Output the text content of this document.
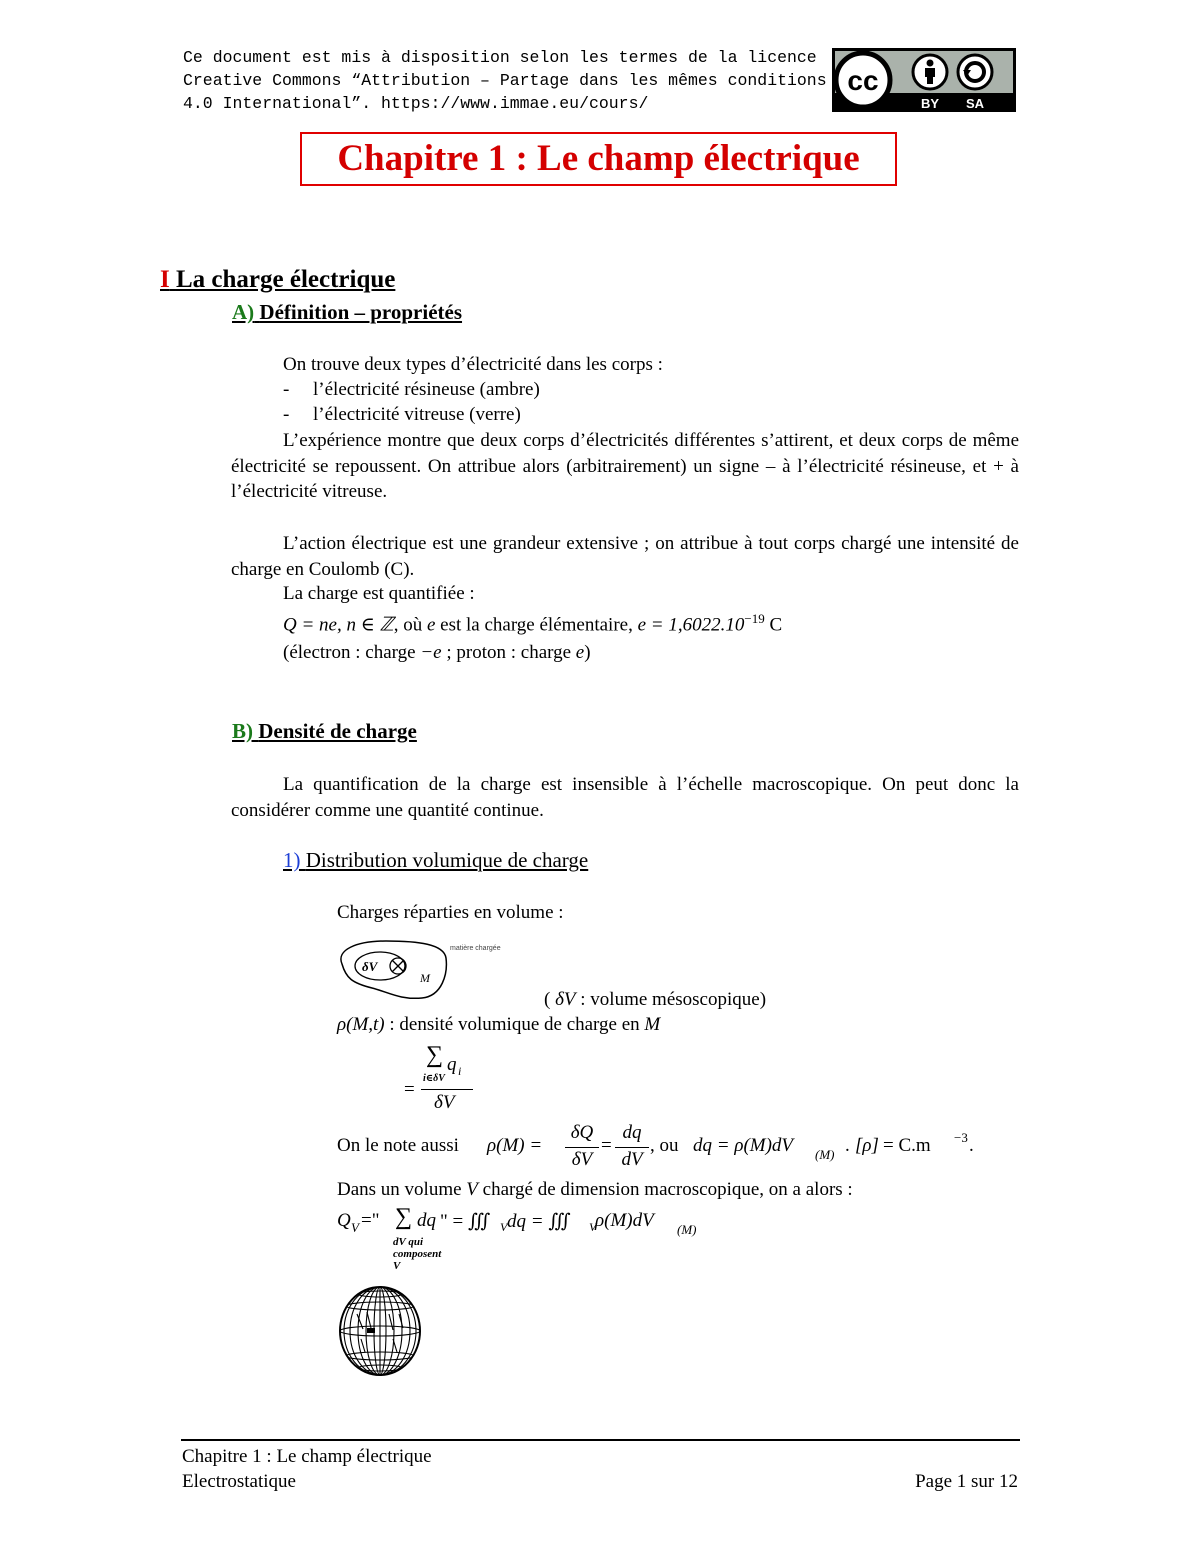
Ce document est mis à disposition selon les termes de la licence
Creative Commons “Attribution – Partage dans les mêmes conditions
4.0 International”. https://www.immae.eu/cours/
cc
BY SA
Chapitre 1 : Le champ électrique
I La charge électrique
A) Définition – propriétés
On trouve deux types d’électricité dans les corps :
- l’électricité résineuse (ambre)
- l’électricité vitreuse (verre)
L’expérience montre que deux corps d’électricités différentes s’attirent, et deux corps de même électricité se repoussent. On attribue alors (arbitrairement) un signe – à l’électricité résineuse, et + à l’électricité vitreuse.
L’action électrique est une grandeur extensive ; on attribue à tout corps chargé une intensité de charge en Coulomb (C).
La charge est quantifiée :
Q = ne, n ∈ ℤ, où e est la charge élémentaire, $e = 1,6022.10^{-19}$ C
(électron : charge −e ; proton : charge e)
B) Densité de charge
La quantification de la charge est insensible à l’échelle macroscopique. On peut donc la considérer comme une quantité continue.
1) Distribution volumique de charge
Charges réparties en volume :
δV
M
matière chargée
( δV : volume mésoscopique)
ρ(M,t) : densité volumique de charge en M
=
∑ q i
i∈δV
δV
On le note aussi ρ(M) =
δQ
δV
=
dq
dV
, ou dq = ρ(M)dV (M) . [ρ] = C.m −3 .
Dans un volume V chargé de dimension macroscopique, on a alors :
Q V =" ∑ dq " = ∭ V dq = ∭ V
ρ(M)dV (M)
dV qui
composent
V
Chapitre 1 : Le champ électrique
Electrostatique	Page 1 sur 12
